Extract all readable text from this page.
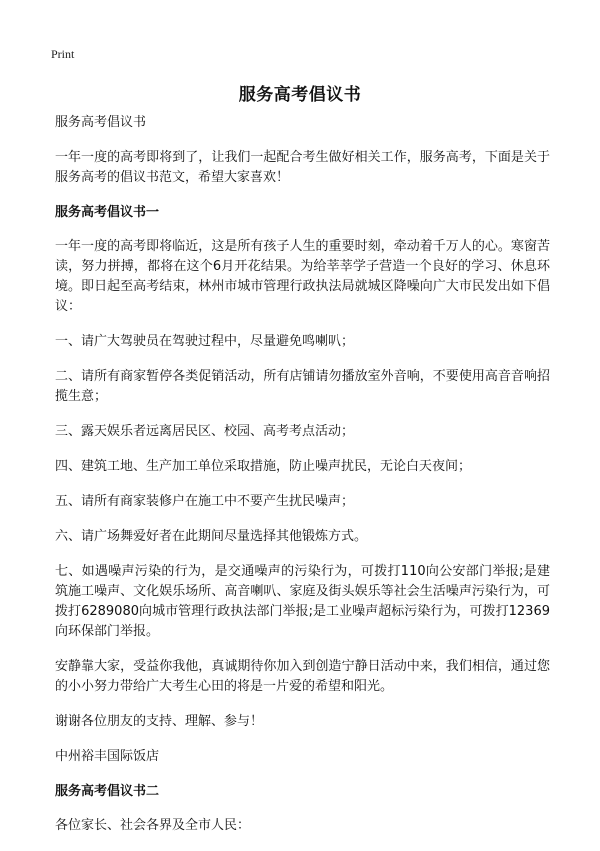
Print
服务高考倡议书

服务高考倡议书

一年一度的高考即将到了，让我们一起配合考生做好相关工作，服务高考，下面是关于服务高考的倡议书范文，希望大家喜欢！

服务高考倡议书一

一年一度的高考即将临近，这是所有孩子人生的重要时刻，牵动着千万人的心。寒窗苦读，努力拼搏，都将在这个6月开花结果。为给莘莘学子营造一个良好的学习、休息环境。即日起至高考结束，林州市城市管理行政执法局就城区降噪向广大市民发出如下倡议：

一、请广大驾驶员在驾驶过程中，尽量避免鸣喇叭；

二、请所有商家暂停各类促销活动，所有店铺请勿播放室外音响，不要使用高音音响招揽生意；

三、露天娱乐者远离居民区、校园、高考考点活动；

四、建筑工地、生产加工单位采取措施，防止噪声扰民，无论白天夜间；

五、请所有商家装修户在施工中不要产生扰民噪声；

六、请广场舞爱好者在此期间尽量选择其他锻炼方式。

七、如遇噪声污染的行为，是交通噪声的污染行为，可拨打110向公安部门举报;是建筑施工噪声、文化娱乐场所、高音喇叭、家庭及街头娱乐等社会生活噪声污染行为，可拨打6289080向城市管理行政执法部门举报;是工业噪声超标污染行为，可拨打12369向环保部门举报。

安静靠大家，受益你我他，真诚期待你加入到创造宁静日活动中来，我们相信，通过您的小小努力带给广大考生心田的将是一片爱的希望和阳光。

谢谢各位朋友的支持、理解、参与！

中州裕丰国际饭店

服务高考倡议书二

各位家长、社会各界及全市人民：
